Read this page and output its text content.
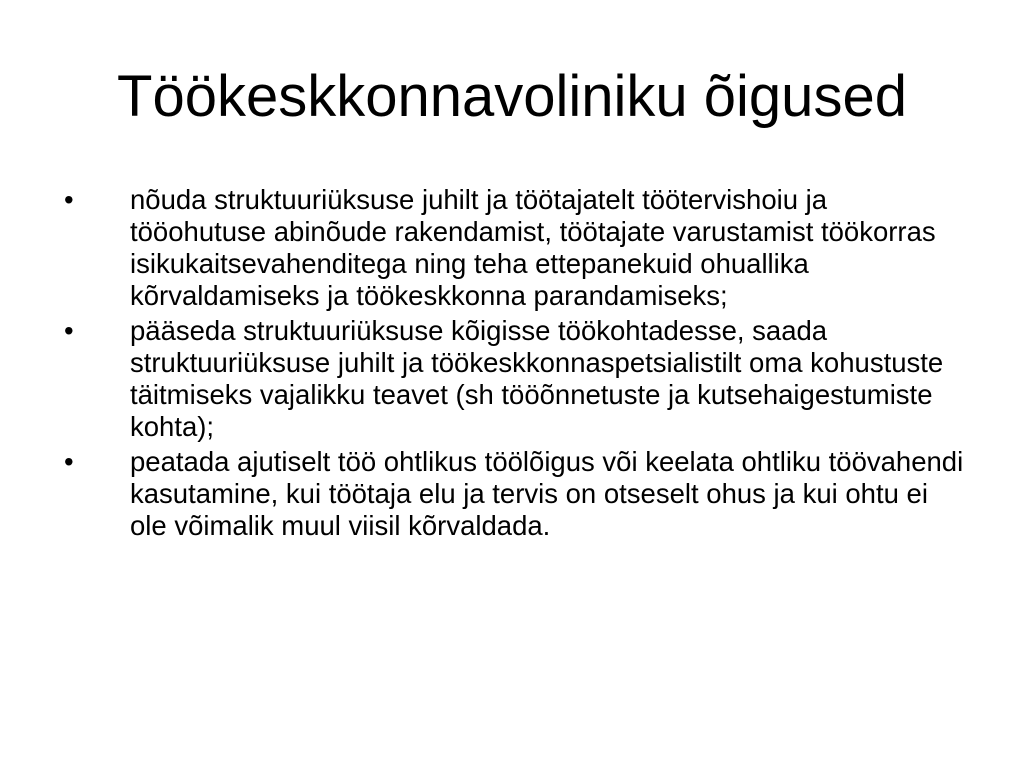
Töökeskkonnavoliniku õigused
•	nõuda struktuuriüksuse juhilt ja töötajatelt töötervishoiu ja tööohutuse abinõude rakendamist, töötajate varustamist töökorras isikukaitsevahenditega ning teha ettepanekuid ohuallika kõrvaldamiseks ja töökeskkonna parandamiseks;
•	pääseda struktuuriüksuse kõigisse töökohtadesse, saada struktuuriüksuse juhilt ja töökeskkonnaspetsialistilt oma kohustuste täitmiseks vajalikku teavet (sh tööõnnetuste ja kutsehaigestumiste kohta);
•	peatada ajutiselt töö ohtlikus töölõigus või keelata ohtliku töövahendi kasutamine, kui töötaja elu ja tervis on otseselt ohus ja kui ohtu ei ole võimalik muul viisil kõrvaldada.
